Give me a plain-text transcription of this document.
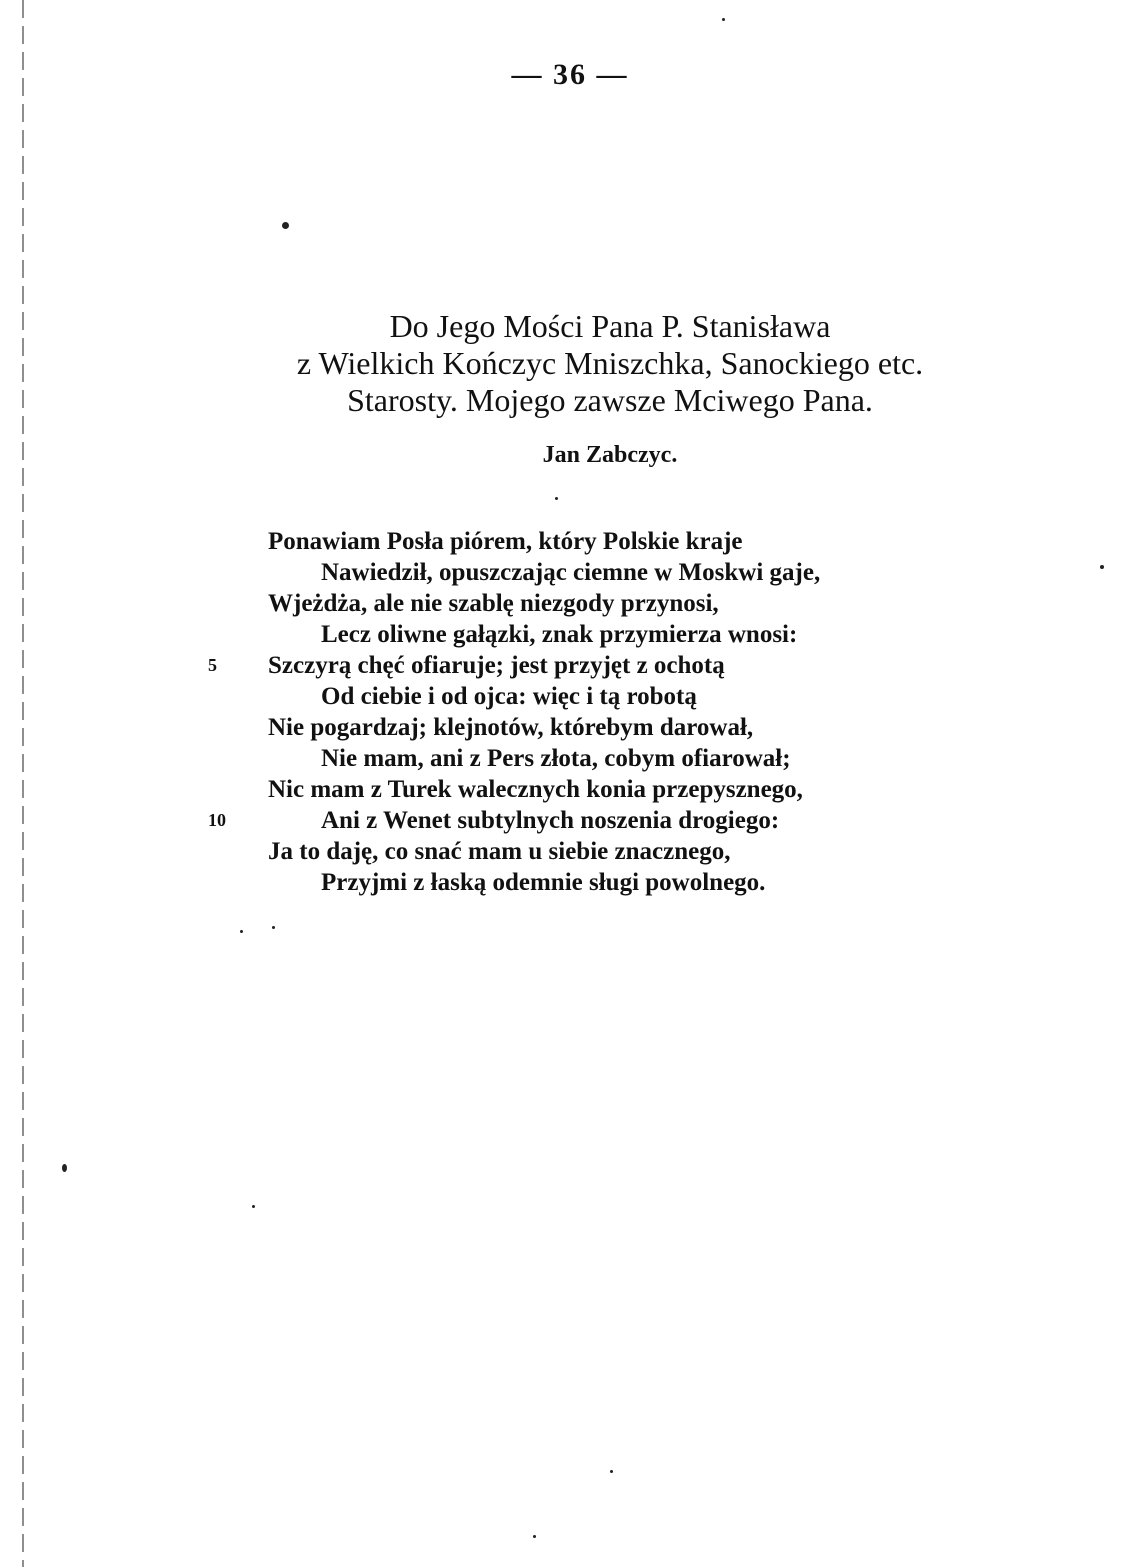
— 36 —
Do Jego Mości Pana P. Stanisława
z Wielkich Kończyc Mniszchka, Sanockiego etc.
Starosty. Mojego zawsze Mciwego Pana.
Jan Zabczyc.
Ponawiam Posła piórem, który Polskie kraje
Nawiedził, opuszczając ciemne w Moskwi gaje,
Wjeżdża, ale nie szablę niezgody przynosi,
Lecz oliwne gałązki, znak przymierza wnosi:
5	Szczyrą chęć ofiaruje; jest przyjęt z ochotą
Od ciebie i od ojca: więc i tą robotą
Nie pogardzaj; klejnotów, którebym darował,
Nie mam, ani z Pers złota, cobym ofiarował;
Nic mam z Turek walecznych konia przepysznego,
10	Ani z Wenet subtylnych noszenia drogiego:
Ja to daję, co snać mam u siebie znacznego,
Przyjmi z łaską odemnie sługi powolnego.
